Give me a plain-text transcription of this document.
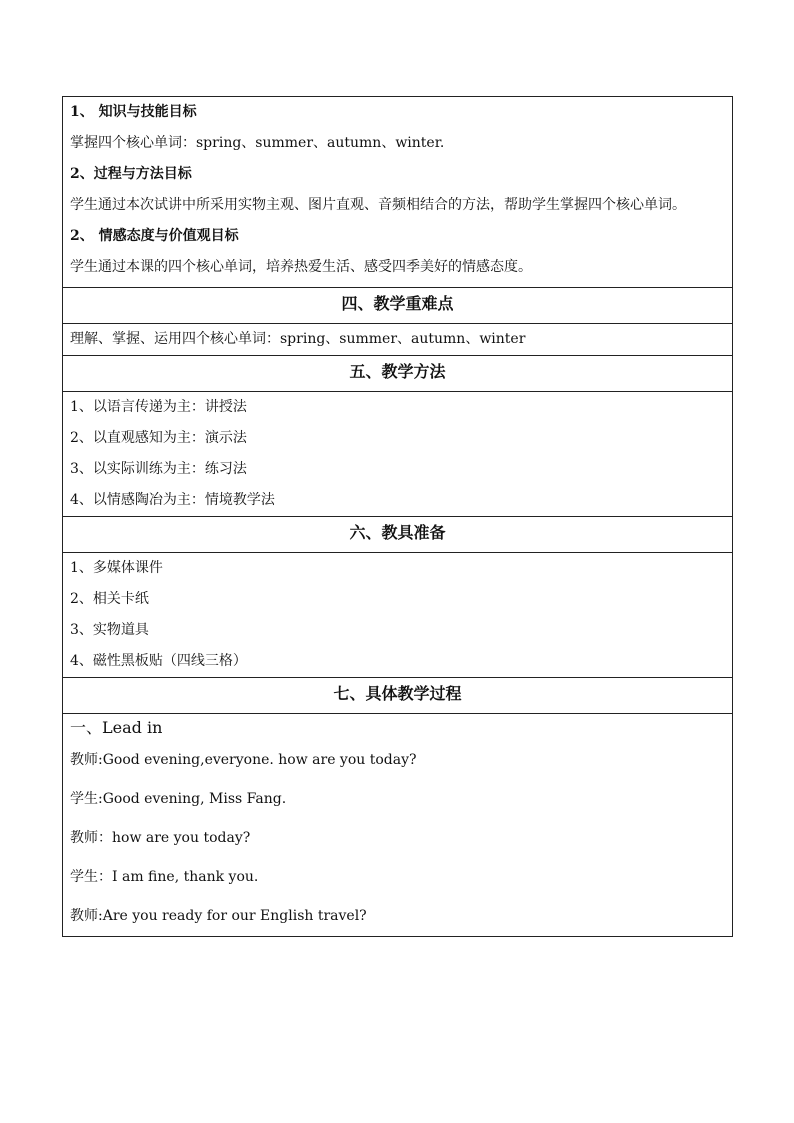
1、 知识与技能目标
掌握四个核心单词：spring、summer、autumn、winter.
2、过程与方法目标
学生通过本次试讲中所采用实物主观、图片直观、音频相结合的方法，帮助学生掌握四个核心单词。
2、 情感态度与价值观目标
学生通过本课的四个核心单词，培养热爱生活、感受四季美好的情感态度。

四、教学重难点

理解、掌握、运用四个核心单词：spring、summer、autumn、winter

五、教学方法

1、以语言传递为主：讲授法
2、以直观感知为主：演示法
3、以实际训练为主：练习法
4、以情感陶冶为主：情境教学法

六、教具准备

1、多媒体课件
2、相关卡纸
3、实物道具
4、磁性黑板贴（四线三格）

七、具体教学过程

一、Lead in
教师:Good evening,everyone. how are you today?
学生:Good evening, Miss Fang.
教师：how are you today?
学生：I am fine, thank you.
教师:Are you ready for our English travel?
